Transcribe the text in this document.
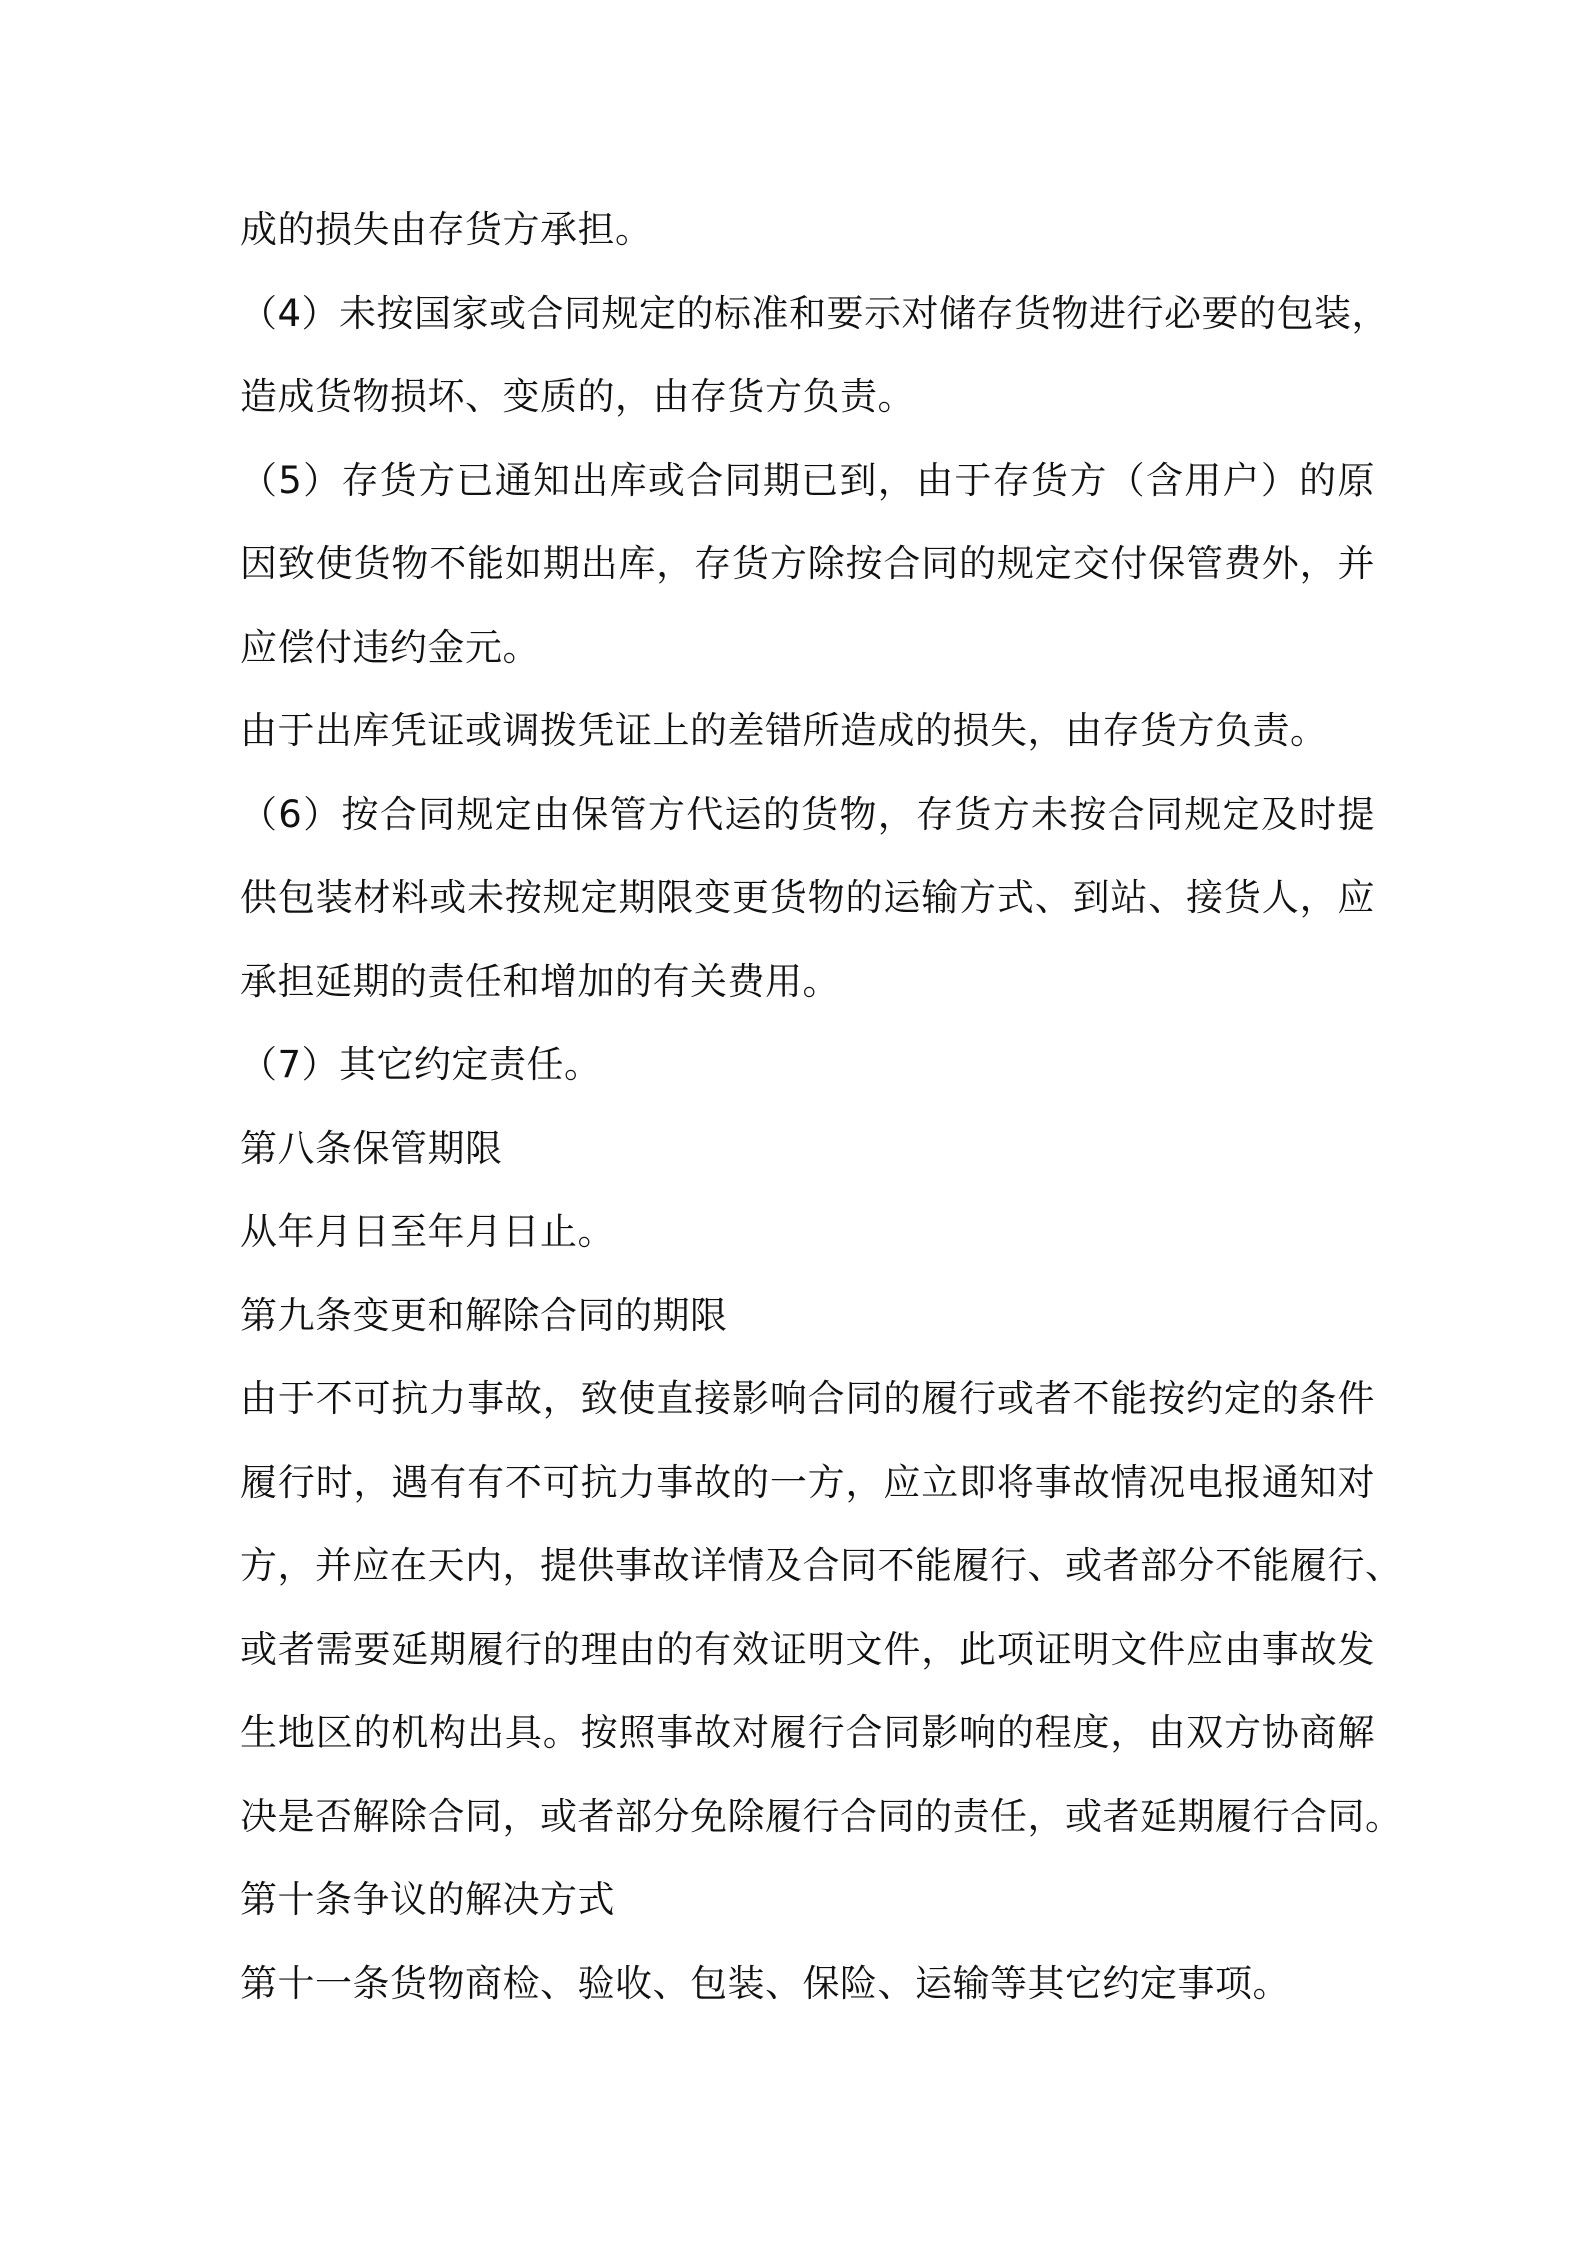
成的损失由存货方承担。
（4）未按国家或合同规定的标准和要示对储存货物进行必要的包装，
造成货物损坏、变质的，由存货方负责。
（5）存货方已通知出库或合同期已到，由于存货方（含用户）的原
因致使货物不能如期出库，存货方除按合同的规定交付保管费外，并
应偿付违约金元。
由于出库凭证或调拨凭证上的差错所造成的损失，由存货方负责。
（6）按合同规定由保管方代运的货物，存货方未按合同规定及时提
供包装材料或未按规定期限变更货物的运输方式、到站、接货人，应
承担延期的责任和增加的有关费用。
（7）其它约定责任。
第八条保管期限
从年月日至年月日止。
第九条变更和解除合同的期限
由于不可抗力事故，致使直接影响合同的履行或者不能按约定的条件
履行时，遇有有不可抗力事故的一方，应立即将事故情况电报通知对
方，并应在天内，提供事故详情及合同不能履行、或者部分不能履行、
或者需要延期履行的理由的有效证明文件，此项证明文件应由事故发
生地区的机构出具。按照事故对履行合同影响的程度，由双方协商解
决是否解除合同，或者部分免除履行合同的责任，或者延期履行合同。
第十条争议的解决方式
第十一条货物商检、验收、包装、保险、运输等其它约定事项。
